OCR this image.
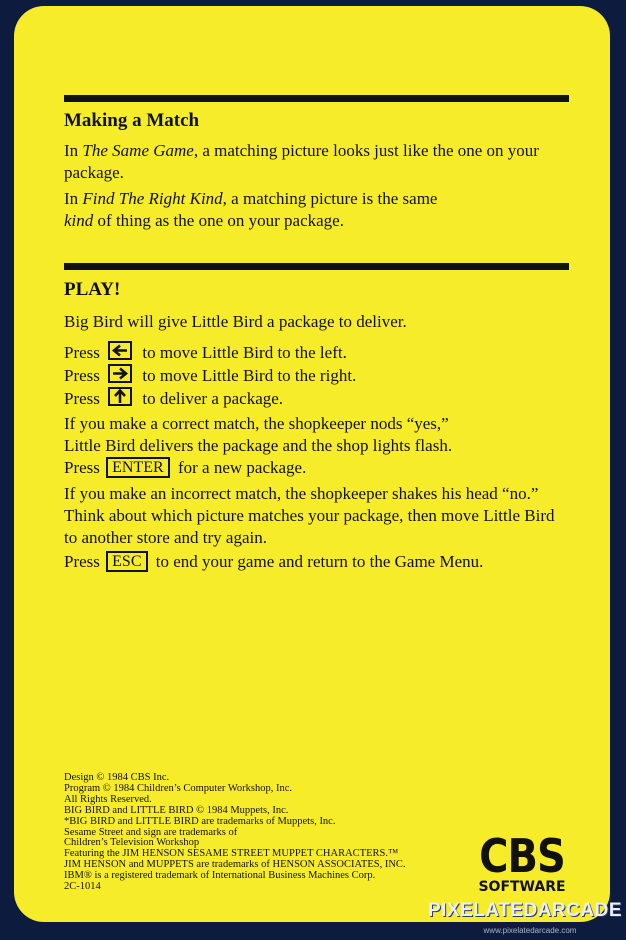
Making a Match
In The Same Game, a matching picture looks just like the one on your package.
In Find The Right Kind, a matching picture is the same
kind of thing as the one on your package.
PLAY!
Big Bird will give Little Bird a package to deliver.
Press	to move Little Bird to the left.
Press	to move Little Bird to the right.
Press	to deliver a package.
If you make a correct match, the shopkeeper nods “yes,”
Little Bird delivers the package and the shop lights flash.
Press ENTER for a new package.
If you make an incorrect match, the shopkeeper shakes his head “no.” Think about which picture matches your package, then move Little Bird to another store and try again.
Press ESC to end your game and return to the Game Menu.
Design © 1984 CBS Inc.
Program © 1984 Children’s Computer Workshop, Inc.
All Rights Reserved.
BIG BIRD and LITTLE BIRD © 1984 Muppets, Inc.
*BIG BIRD and LITTLE BIRD are trademarks of Muppets, Inc.
Sesame Street and sign are trademarks of
Children’s Television Workshop
Featuring the JIM HENSON SESAME STREET MUPPET CHARACTERS.™
JIM HENSON and MUPPETS are trademarks of HENSON ASSOCIATES, INC.
IBM® is a registered trademark of International Business Machines Corp.
2C-1014
CBS
SOFTWARE
PIXELATEDARCADE
www.pixelatedarcade.com
